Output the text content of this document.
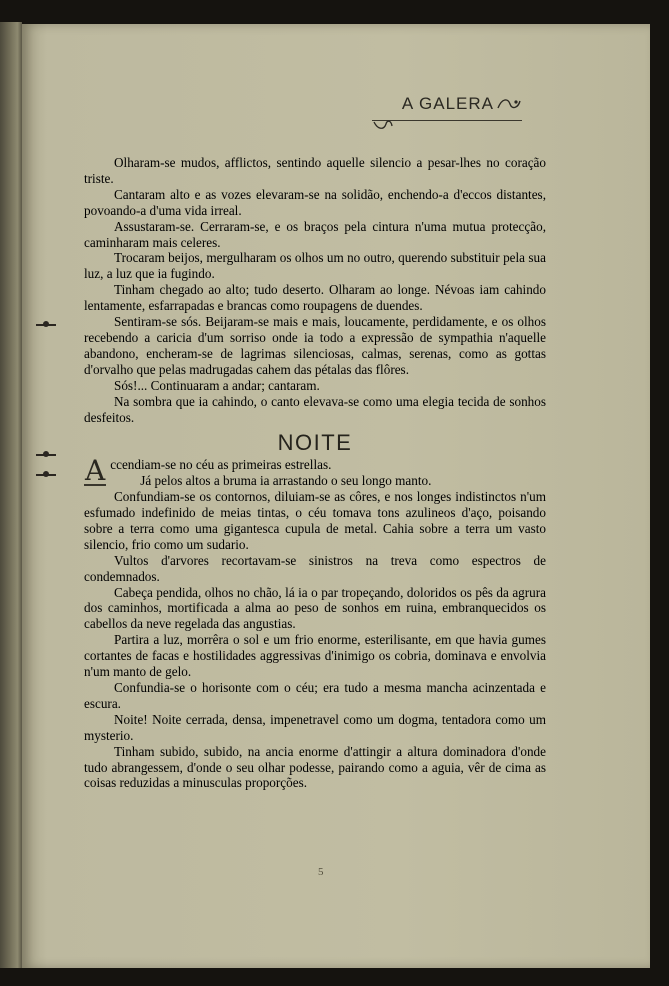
A GALERA

Olharam-se mudos, afflictos, sentindo aquelle silencio a pesar-lhes no coração triste.

Cantaram alto e as vozes elevaram-se na solidão, enchendo-a d'eccos distantes, povoando-a d'uma vida irreal.

Assustaram-se. Cerraram-se, e os braços pela cintura n'uma mutua protecção, caminharam mais celeres.

Trocaram beijos, mergulharam os olhos um no outro, querendo substituir pela sua luz, a luz que ia fugindo.

Tinham chegado ao alto; tudo deserto. Olharam ao longe. Névoas iam cahindo lentamente, esfarrapadas e brancas como roupagens de duendes.

Sentiram-se sós. Beijaram-se mais e mais, loucamente, perdidamente, e os olhos recebendo a caricia d'um sorriso onde ia todo a expressão de sympathia n'aquelle abandono, encheram-se de lagrimas silenciosas, calmas, serenas, como as gottas d'orvalho que pelas madrugadas cahem das pétalas das flôres.

Sós!... Continuaram a andar; cantaram.

Na sombra que ia cahindo, o canto elevava-se como uma elegia tecida de sonhos desfeitos.

NOITE

A ccendiam-se no céu as primeiras estrellas.

Já pelos altos a bruma ia arrastando o seu longo manto.

Confundiam-se os contornos, diluiam-se as côres, e nos longes indistinctos n'um esfumado indefinido de meias tintas, o céu tomava tons azulineos d'aço, poisando sobre a terra como uma gigantesca cupula de metal. Cahia sobre a terra um vasto silencio, frio como um sudario.

Vultos d'arvores recortavam-se sinistros na treva como espectros de condemnados.

Cabeça pendida, olhos no chão, lá ia o par tropeçando, doloridos os pês da agrura dos caminhos, mortificada a alma ao peso de sonhos em ruina, embranquecidos os cabellos da neve regelada das angustias.

Partira a luz, morrêra o sol e um frio enorme, esterilisante, em que havia gumes cortantes de facas e hostilidades aggressivas d'inimigo os cobria, dominava e envolvia n'um manto de gelo.

Confundia-se o horisonte com o céu; era tudo a mesma mancha acinzentada e escura.

Noite! Noite cerrada, densa, impenetravel como um dogma, tentadora como um mysterio.

Tinham subido, subido, na ancia enorme d'attingir a altura dominadora d'onde tudo abrangessem, d'onde o seu olhar podesse, pairando como a aguia, vêr de cima as coisas reduzidas a minusculas proporções.

5
